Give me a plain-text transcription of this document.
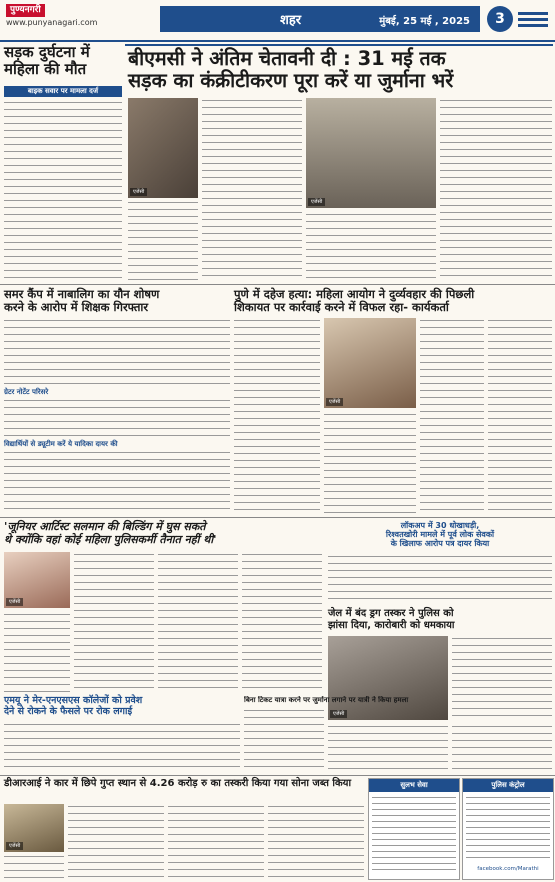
पुण्यनगरी
www.punyanagari.com	शहर	मुंबई, 25 मई , 2025	3
सड़क दुर्घटना में
महिला की मौत
बाइक सवार पर मामला दर्ज
बीएमसी ने अंतिम चेतावनी दी : 31 मई तक
सड़क का कंक्रीटीकरण पूरा करें या जुर्माना भरें
एजेंसी
एजेंसी
समर कैंप में नाबालिग का यौन शोषण
करने के आरोप में शिक्षक गिरफ्तार
ग्रेटर नोटेंट परिसरे
विद्यार्थियों से ड्यूटीम करें ये यादिका दायर की
पुणे में दहेज हत्या: महिला आयोग ने दुर्व्यवहार की पिछली
शिकायत पर कार्रवाई करने में विफल रहा- कार्यकर्ता
एजेंसी
'जूनियर आर्टिस्ट सलमान की बिल्डिंग में घुस सकते
थे क्योंकि वहां कोई महिला पुलिसकर्मी तैनात नहीं थी'
एजेंसी
लॉकअप में 30 धोखाधड़ी,
रिश्वतखोरी मामले में पूर्व लोक सेवकों
के खिलाफ आरोप पत्र दायर किया
जेल में बंद ड्रग तस्कर ने पुलिस को
झांसा दिया, कारोबारी को धमकाया
एजेंसी
एमयू ने मेर-एनएसएस कॉलेजों को प्रवेश
देने से रोकने के फैसले पर रोक लगाई
बिना टिकट यात्रा करने पर जुर्माना लगाने पर यात्री ने किया हमला
डीआरआई ने कार में छिपे गुप्त स्थान से 4.26 करोड़ रु का तस्करी किया गया सोना जब्त किया
एजेंसी
सुलभ सेवा	पुलिस कंट्रोल
facebook.com/Marathi
